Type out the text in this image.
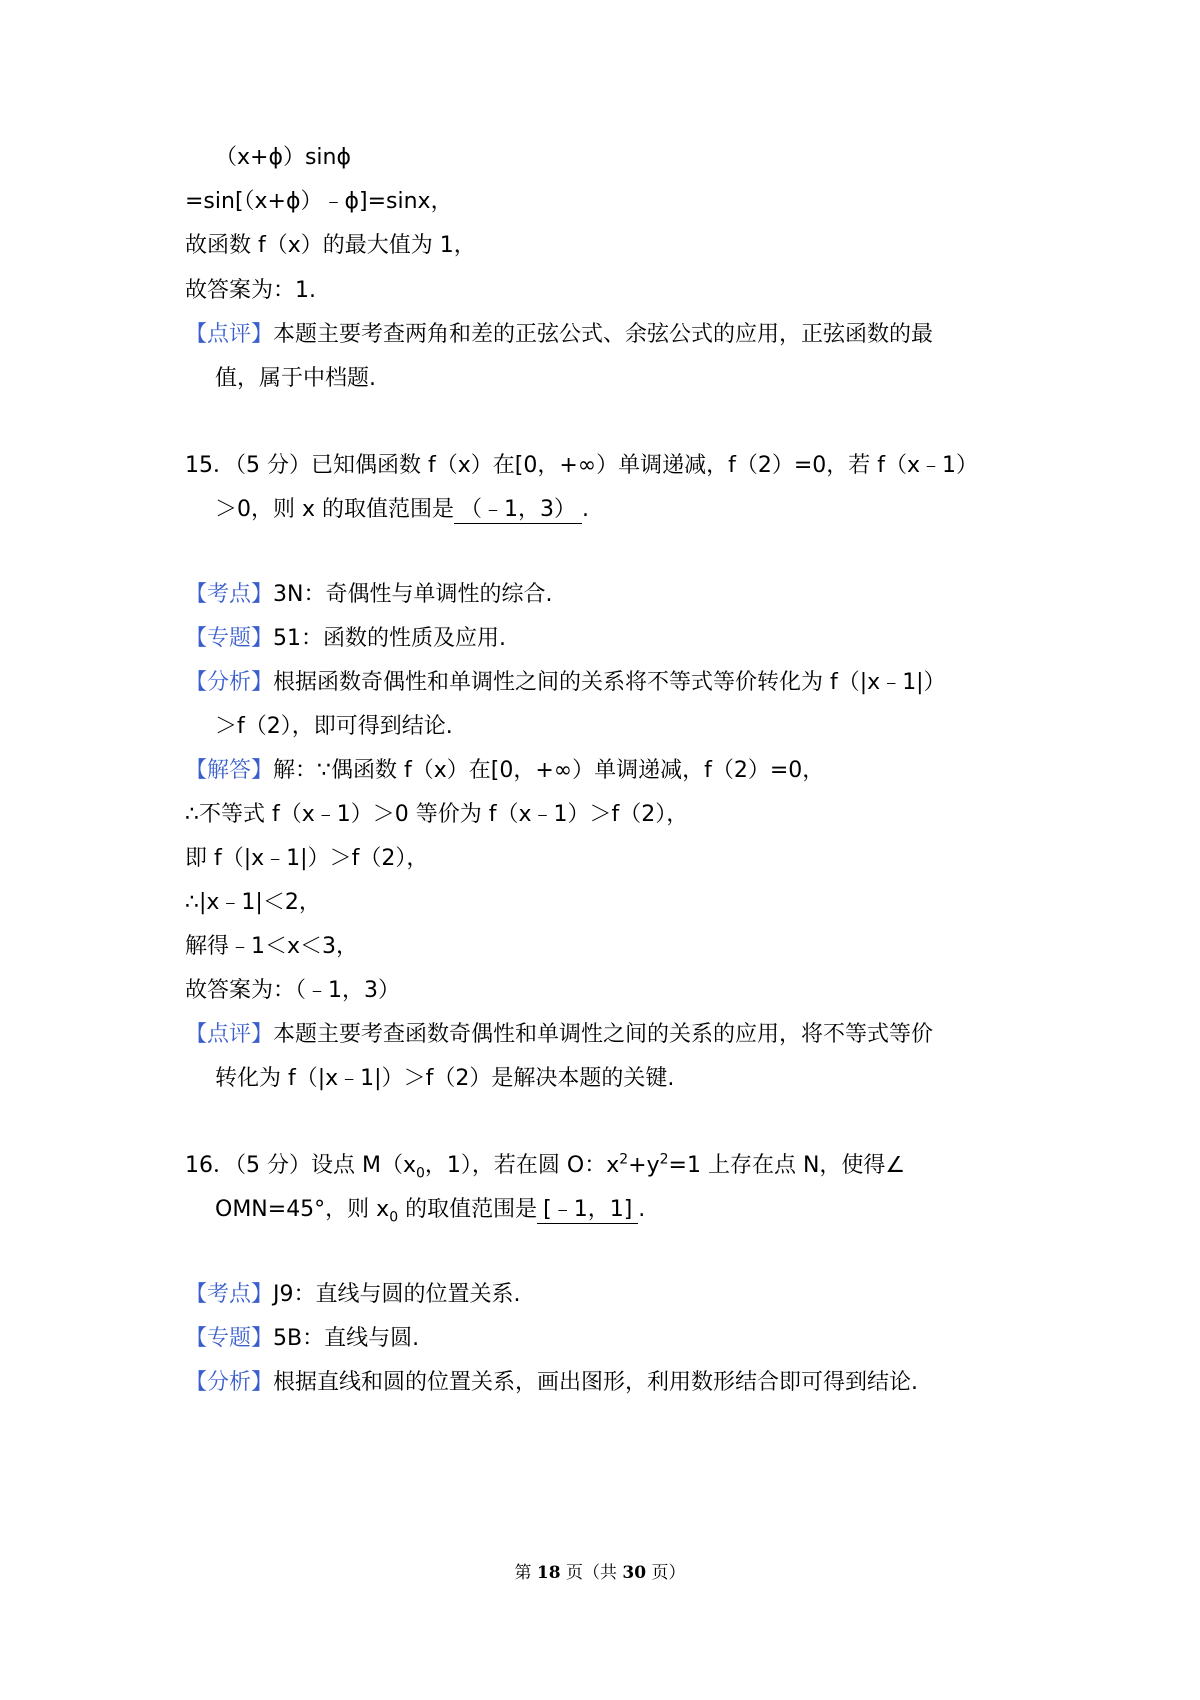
（x+ϕ）sinϕ
=sin[（x+ϕ）﹣ϕ]=sinx，
故函数 f（x）的最大值为 1，
故答案为：1.
【点评】本题主要考查两角和差的正弦公式、余弦公式的应用，正弦函数的最
值，属于中档题.
15．（5 分）已知偶函数 f（x）在[0，+∞）单调递减，f（2）=0，若 f（x﹣1）
＞0，则 x 的取值范围是 （﹣1，3） .
【考点】3N：奇偶性与单调性的综合.
【专题】51：函数的性质及应用.
【分析】根据函数奇偶性和单调性之间的关系将不等式等价转化为 f（|x﹣1|）
＞f（2），即可得到结论.
【解答】解：∵偶函数 f（x）在[0，+∞）单调递减，f（2）=0，
∴不等式 f（x﹣1）＞0 等价为 f（x﹣1）＞f（2），
即 f（|x﹣1|）＞f（2），
∴|x﹣1|＜2，
解得﹣1＜x＜3，
故答案为：（﹣1，3）
【点评】本题主要考查函数奇偶性和单调性之间的关系的应用，将不等式等价
转化为 f（|x﹣1|）＞f（2）是解决本题的关键.
16．（5 分）设点 $M(x_0$，1），若在圆 O：$x^2+y^2=1$ 上存在点 N，使得∠
OMN=45°，则 $x_0$ 的取值范围是 [﹣1，1] .
【考点】J9：直线与圆的位置关系.
【专题】5B：直线与圆.
【分析】根据直线和圆的位置关系，画出图形，利用数形结合即可得到结论.
第 18 页（共 30 页）
